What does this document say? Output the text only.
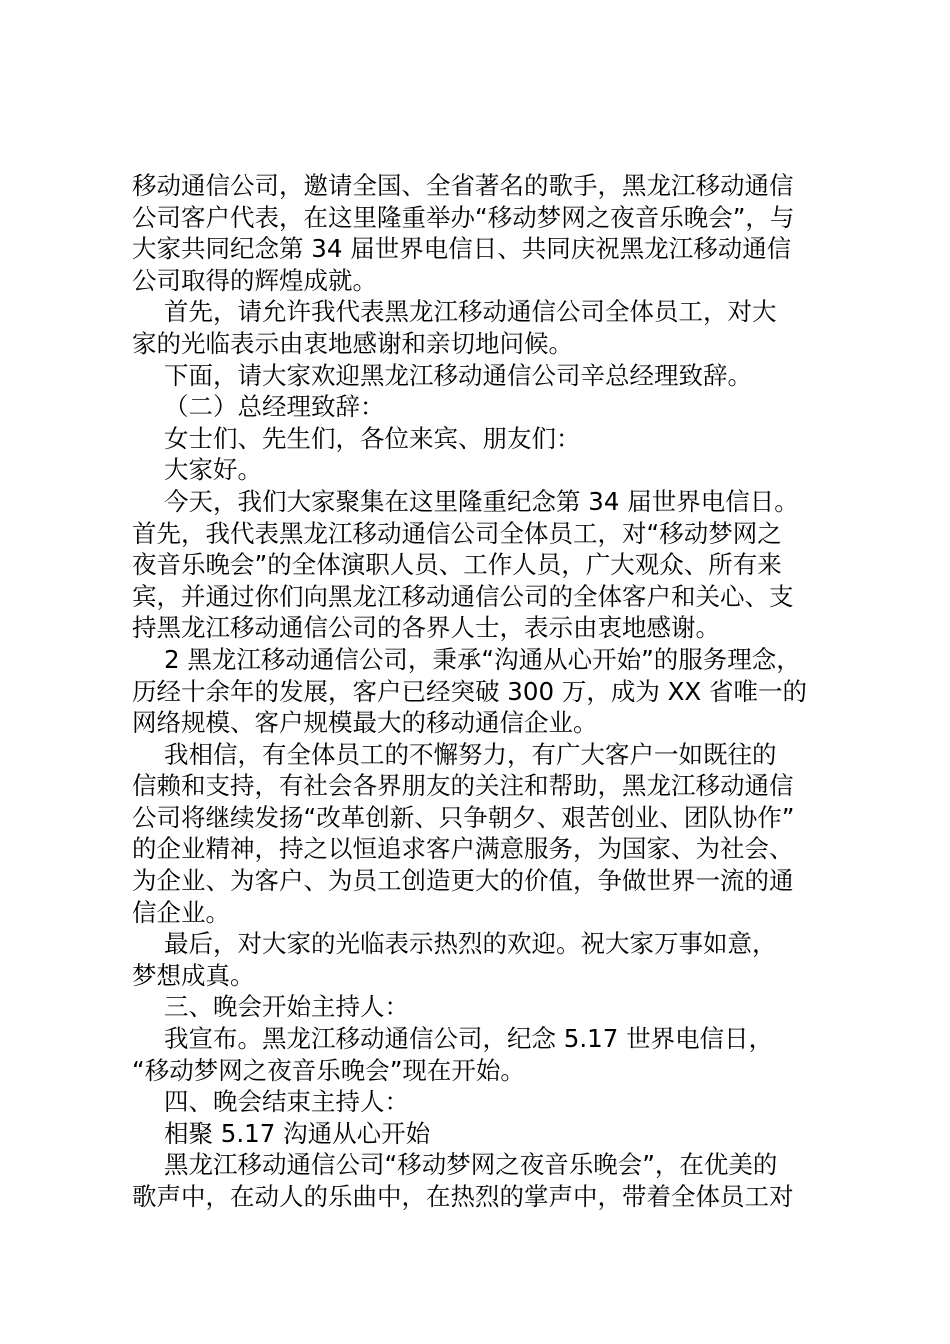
移动通信公司，邀请全国、全省著名的歌手，黑龙江移动通信
公司客户代表，在这里隆重举办“移动梦网之夜音乐晚会”，与
大家共同纪念第 34 届世界电信日、共同庆祝黑龙江移动通信
公司取得的辉煌成就。
首先，请允许我代表黑龙江移动通信公司全体员工，对大
家的光临表示由衷地感谢和亲切地问候。
下面，请大家欢迎黑龙江移动通信公司辛总经理致辞。
（二）总经理致辞：
女士们、先生们，各位来宾、朋友们：
大家好。
今天，我们大家聚集在这里隆重纪念第 34 届世界电信日。
首先，我代表黑龙江移动通信公司全体员工，对“移动梦网之
夜音乐晚会”的全体演职人员、工作人员，广大观众、所有来
宾，并通过你们向黑龙江移动通信公司的全体客户和关心、支
持黑龙江移动通信公司的各界人士，表示由衷地感谢。
2 黑龙江移动通信公司，秉承“沟通从心开始”的服务理念，
历经十余年的发展，客户已经突破 300 万，成为 XX 省唯一的
网络规模、客户规模最大的移动通信企业。
我相信，有全体员工的不懈努力，有广大客户一如既往的
信赖和支持，有社会各界朋友的关注和帮助，黑龙江移动通信
公司将继续发扬“改革创新、只争朝夕、艰苦创业、团队协作”
的企业精神，持之以恒追求客户满意服务，为国家、为社会、
为企业、为客户、为员工创造更大的价值，争做世界一流的通
信企业。
最后，对大家的光临表示热烈的欢迎。祝大家万事如意，
梦想成真。
三、晚会开始主持人：
我宣布。黑龙江移动通信公司，纪念 5.17 世界电信日，
“移动梦网之夜音乐晚会”现在开始。
四、晚会结束主持人：
相聚 5.17 沟通从心开始
黑龙江移动通信公司“移动梦网之夜音乐晚会”，在优美的
歌声中，在动人的乐曲中，在热烈的掌声中，带着全体员工对
